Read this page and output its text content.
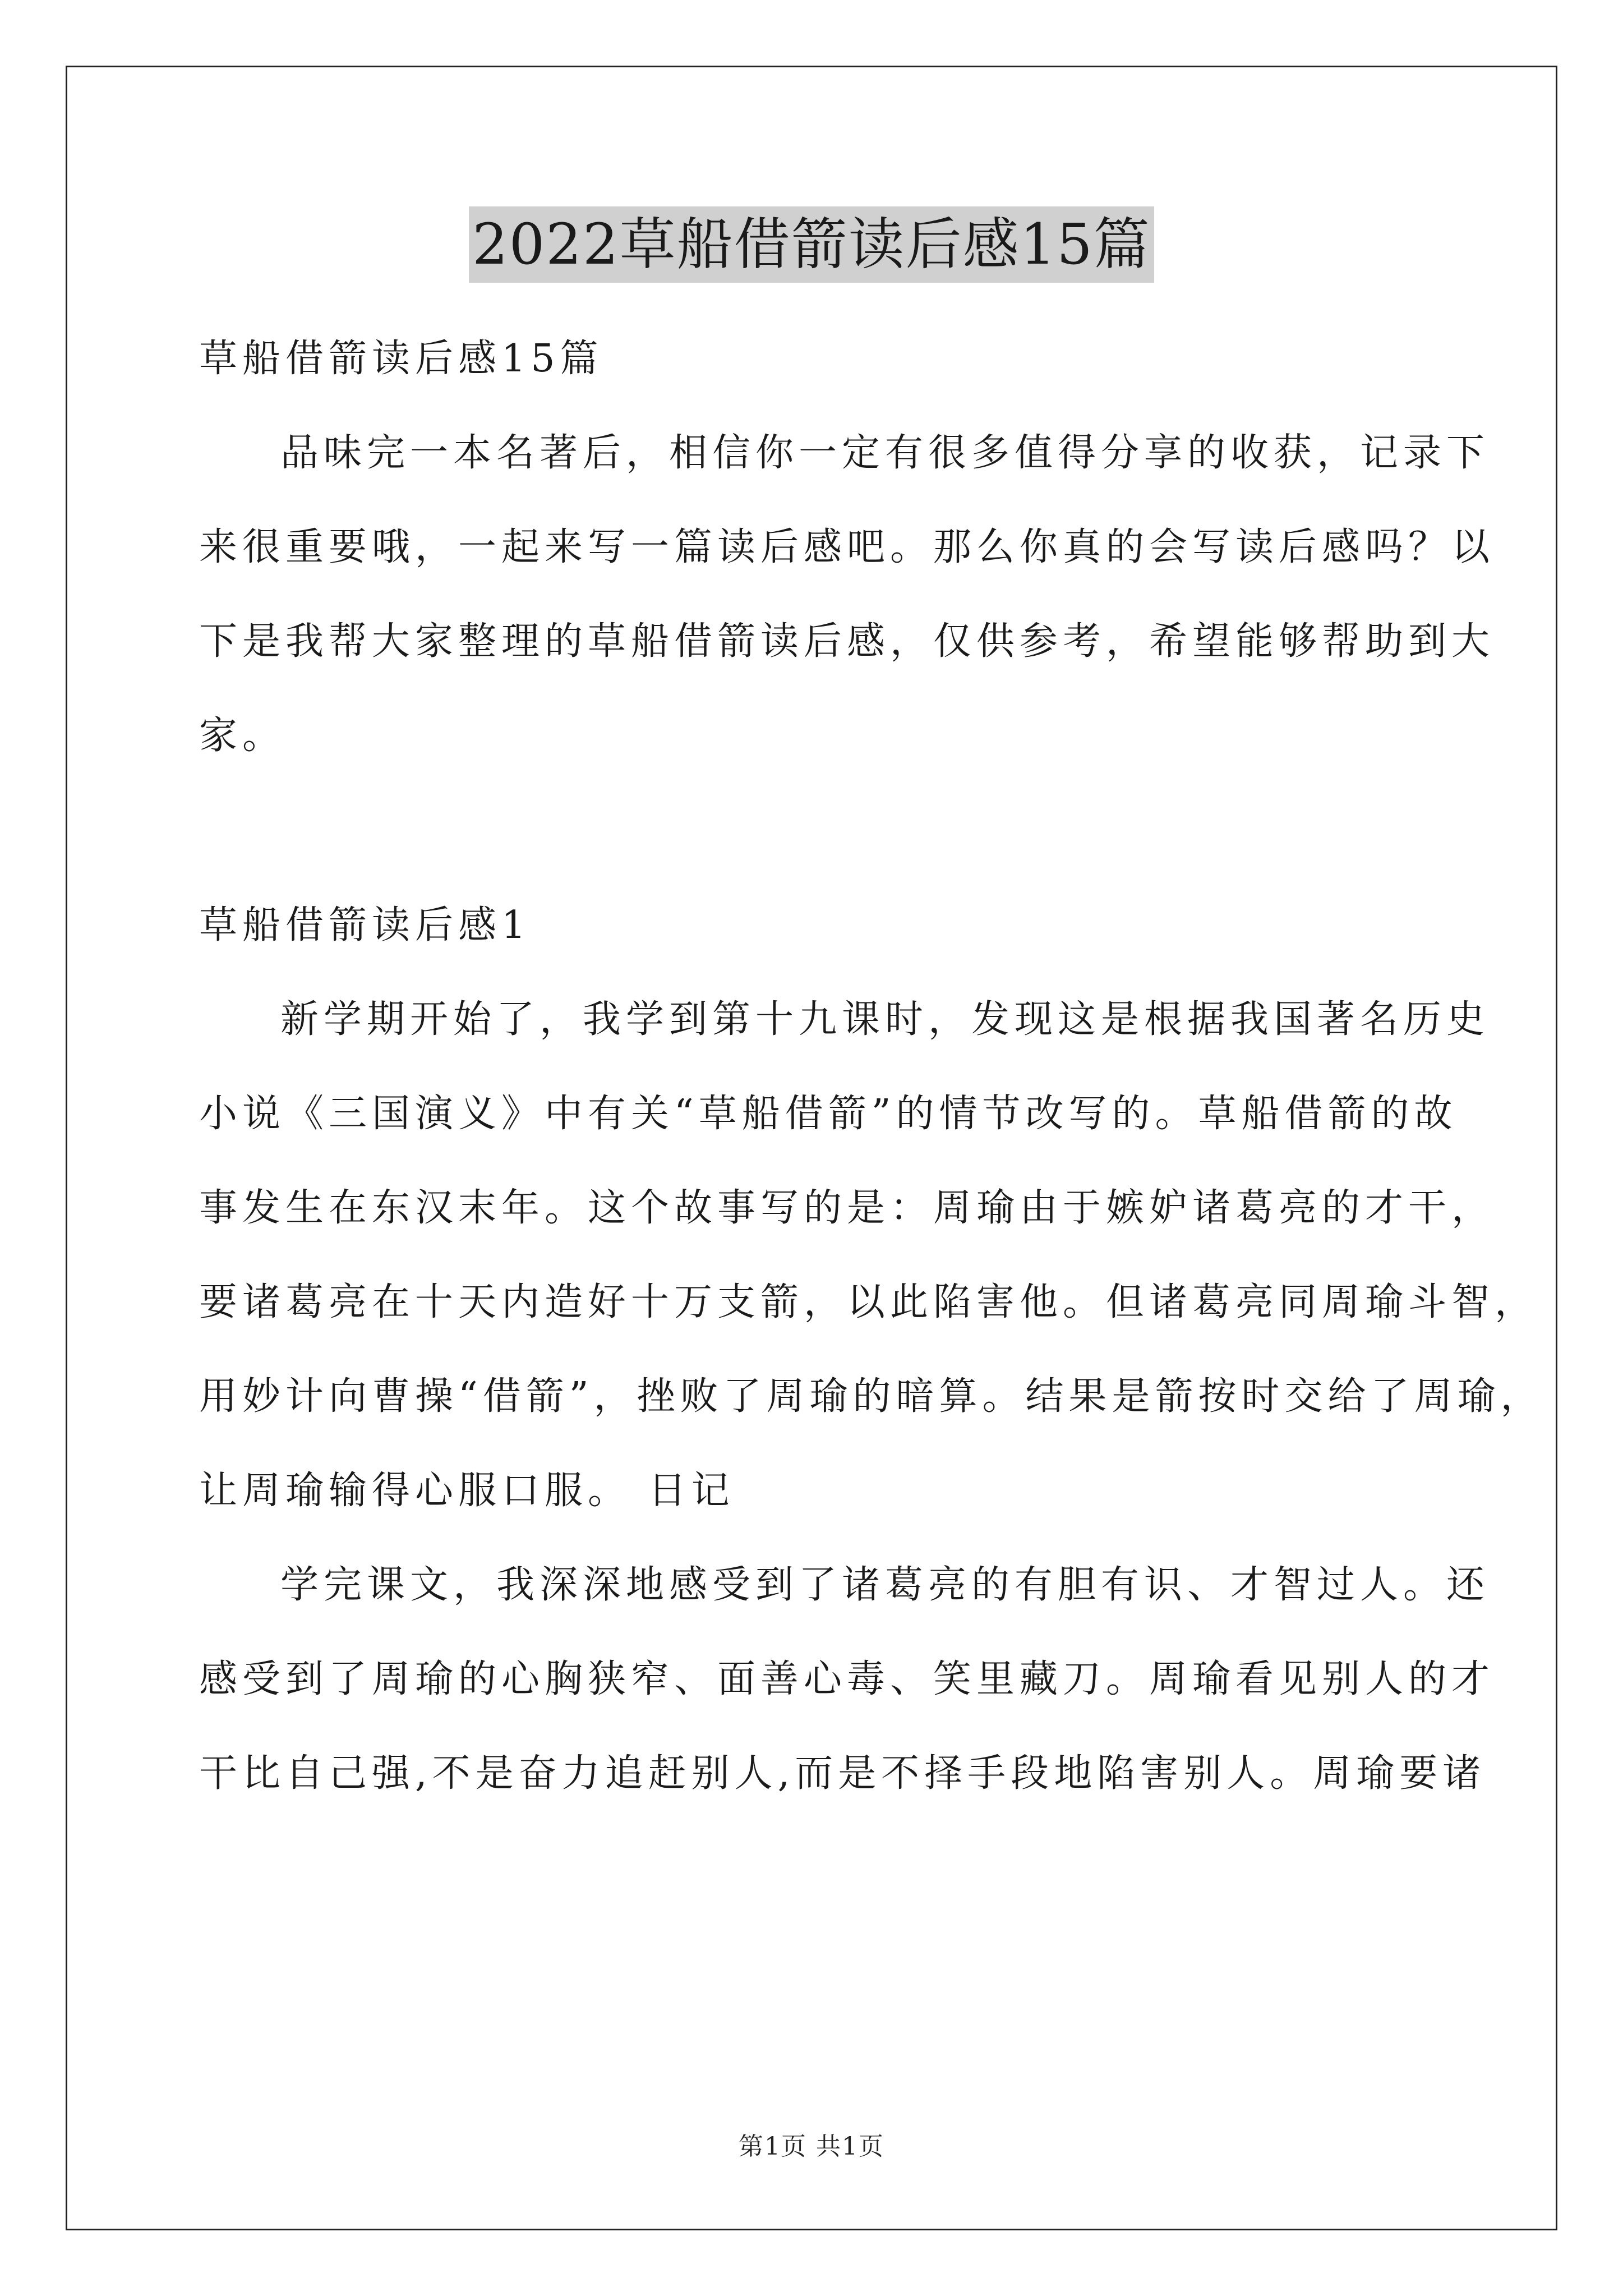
2022草船借箭读后感15篇
草船借箭读后感15篇
品味完一本名著后，相信你一定有很多值得分享的收获，记录下
来很重要哦，一起来写一篇读后感吧。那么你真的会写读后感吗？以
下是我帮大家整理的草船借箭读后感，仅供参考，希望能够帮助到大
家。
草船借箭读后感1
新学期开始了，我学到第十九课时，发现这是根据我国著名历史
小说《三国演义》中有关“草船借箭”的情节改写的。草船借箭的故
事发生在东汉末年。这个故事写的是：周瑜由于嫉妒诸葛亮的才干，
要诸葛亮在十天内造好十万支箭，以此陷害他。但诸葛亮同周瑜斗智，
用妙计向曹操“借箭”，挫败了周瑜的暗算。结果是箭按时交给了周瑜，
让周瑜输得心服口服。 日记
学完课文，我深深地感受到了诸葛亮的有胆有识、才智过人。还
感受到了周瑜的心胸狭窄、面善心毒、笑里藏刀。周瑜看见别人的才
干比自己强,不是奋力追赶别人,而是不择手段地陷害别人。周瑜要诸
第1页 共1页
